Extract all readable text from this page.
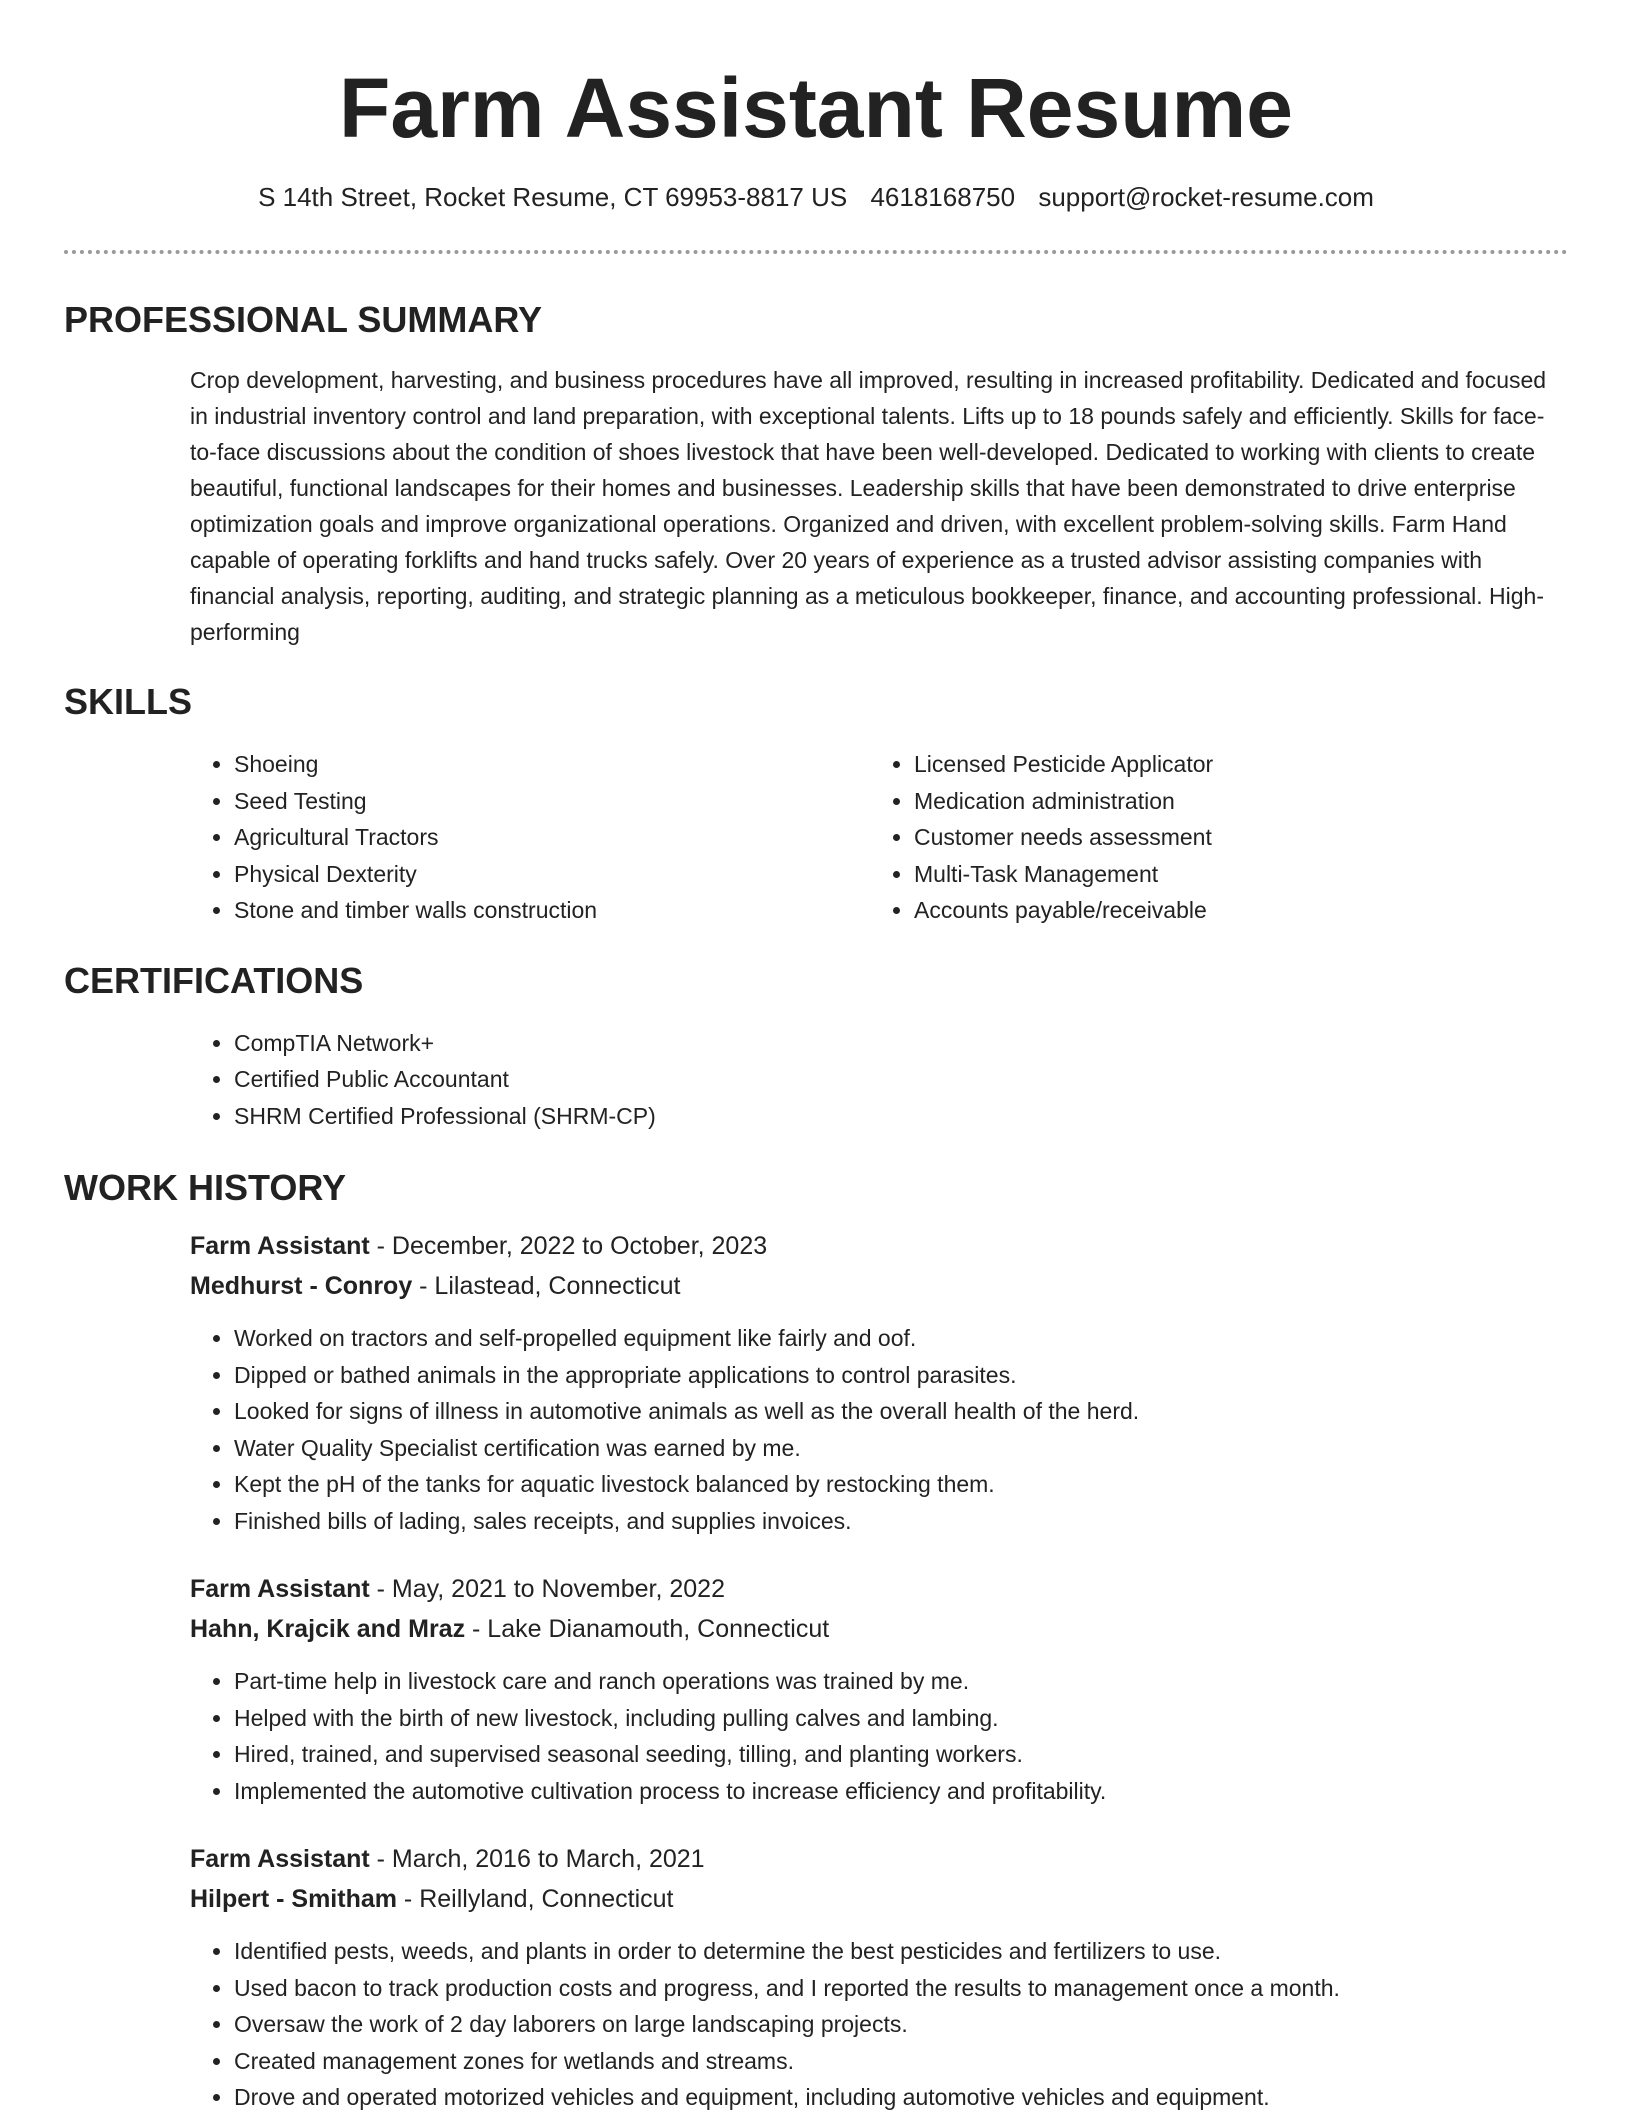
Farm Assistant Resume
S 14th Street, Rocket Resume, CT 69953-8817 US 4618168750 support@rocket-resume.com
PROFESSIONAL SUMMARY

Crop development, harvesting, and business procedures have all improved, resulting in increased profitability. Dedicated and focused in industrial inventory control and land preparation, with exceptional talents. Lifts up to 18 pounds safely and efficiently. Skills for face-to-face discussions about the condition of shoes livestock that have been well-developed. Dedicated to working with clients to create beautiful, functional landscapes for their homes and businesses. Leadership skills that have been demonstrated to drive enterprise optimization goals and improve organizational operations. Organized and driven, with excellent problem-solving skills. Farm Hand capable of operating forklifts and hand trucks safely. Over 20 years of experience as a trusted advisor assisting companies with financial analysis, reporting, auditing, and strategic planning as a meticulous bookkeeper, finance, and accounting professional. High-performing

SKILLS
• Shoeing
• Seed Testing
• Agricultural Tractors
• Physical Dexterity
• Stone and timber walls construction
• Licensed Pesticide Applicator
• Medication administration
• Customer needs assessment
• Multi-Task Management
• Accounts payable/receivable
CERTIFICATIONS
• CompTIA Network+
• Certified Public Accountant
• SHRM Certified Professional (SHRM-CP)
WORK HISTORY
Farm Assistant - December, 2022 to October, 2023
Medhurst - Conroy - Lilastead, Connecticut
• Worked on tractors and self-propelled equipment like fairly and oof.
• Dipped or bathed animals in the appropriate applications to control parasites.
• Looked for signs of illness in automotive animals as well as the overall health of the herd.
• Water Quality Specialist certification was earned by me.
• Kept the pH of the tanks for aquatic livestock balanced by restocking them.
• Finished bills of lading, sales receipts, and supplies invoices.
Farm Assistant - May, 2021 to November, 2022
Hahn, Krajcik and Mraz - Lake Dianamouth, Connecticut
• Part-time help in livestock care and ranch operations was trained by me.
• Helped with the birth of new livestock, including pulling calves and lambing.
• Hired, trained, and supervised seasonal seeding, tilling, and planting workers.
• Implemented the automotive cultivation process to increase efficiency and profitability.
Farm Assistant - March, 2016 to March, 2021
Hilpert - Smitham - Reillyland, Connecticut
• Identified pests, weeds, and plants in order to determine the best pesticides and fertilizers to use.
• Used bacon to track production costs and progress, and I reported the results to management once a month.
• Oversaw the work of 2 day laborers on large landscaping projects.
• Created management zones for wetlands and streams.
• Drove and operated motorized vehicles and equipment, including automotive vehicles and equipment.
